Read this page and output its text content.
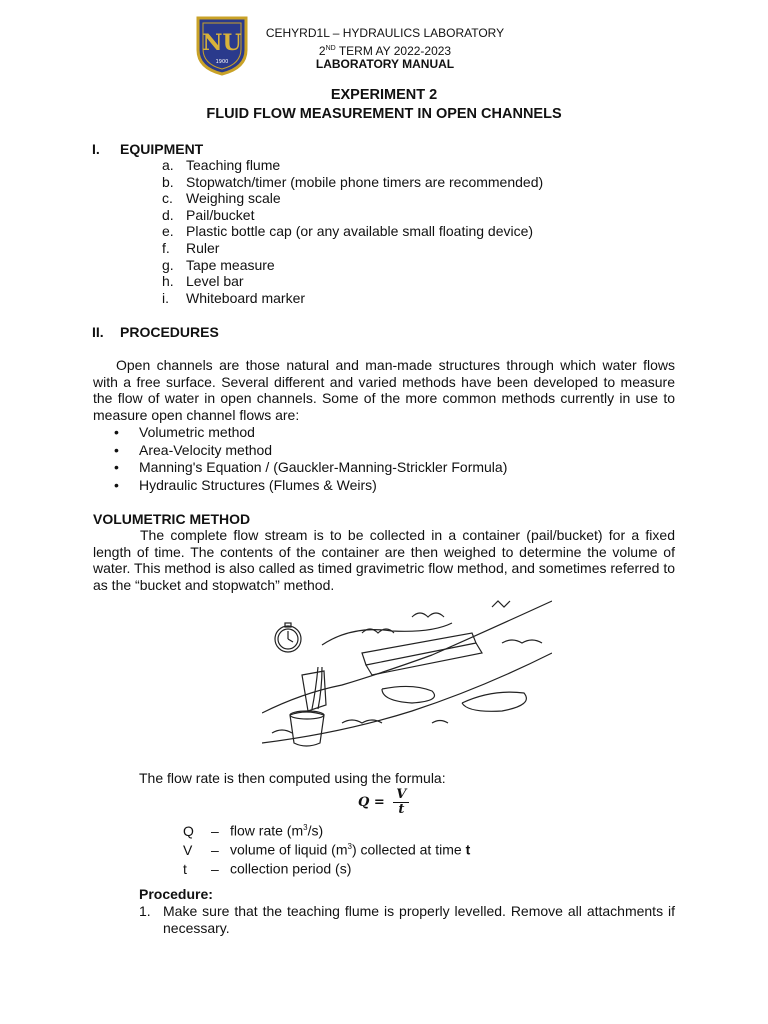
NU
1900
CEHYRD1L – HYDRAULICS LABORATORY
2ND TERM AY 2022-2023
LABORATORY MANUAL
EXPERIMENT 2
FLUID FLOW MEASUREMENT IN OPEN CHANNELS
I. EQUIPMENT
a. Teaching flume
b. Stopwatch/timer (mobile phone timers are recommended)
c. Weighing scale
d. Pail/bucket
e. Plastic bottle cap (or any available small floating device)
f. Ruler
g. Tape measure
h. Level bar
i. Whiteboard marker
II. PROCEDURES

Open channels are those natural and man-made structures through which water flows with a free surface. Several different and varied methods have been developed to measure the flow of water in open channels. Some of the more common methods currently in use to measure open channel flows are:

• Volumetric method
• Area-Velocity method
• Manning's Equation / (Gauckler-Manning-Strickler Formula)
• Hydraulic Structures (Flumes & Weirs)
VOLUMETRIC METHOD

The complete flow stream is to be collected in a container (pail/bucket) for a fixed length of time. The contents of the container are then weighed to determine the volume of water. This method is also called as timed gravimetric flow method, and sometimes referred to as the “bucket and stopwatch” method.

The flow rate is then computed using the formula:
$Q = \frac{V}{t}$
Q – flow rate $(m^3/s)$
V – volume of liquid $(m^3)$ collected at time t
t – collection period (s)
Procedure:
1. Make sure that the teaching flume is properly levelled. Remove all attachments if necessary.
